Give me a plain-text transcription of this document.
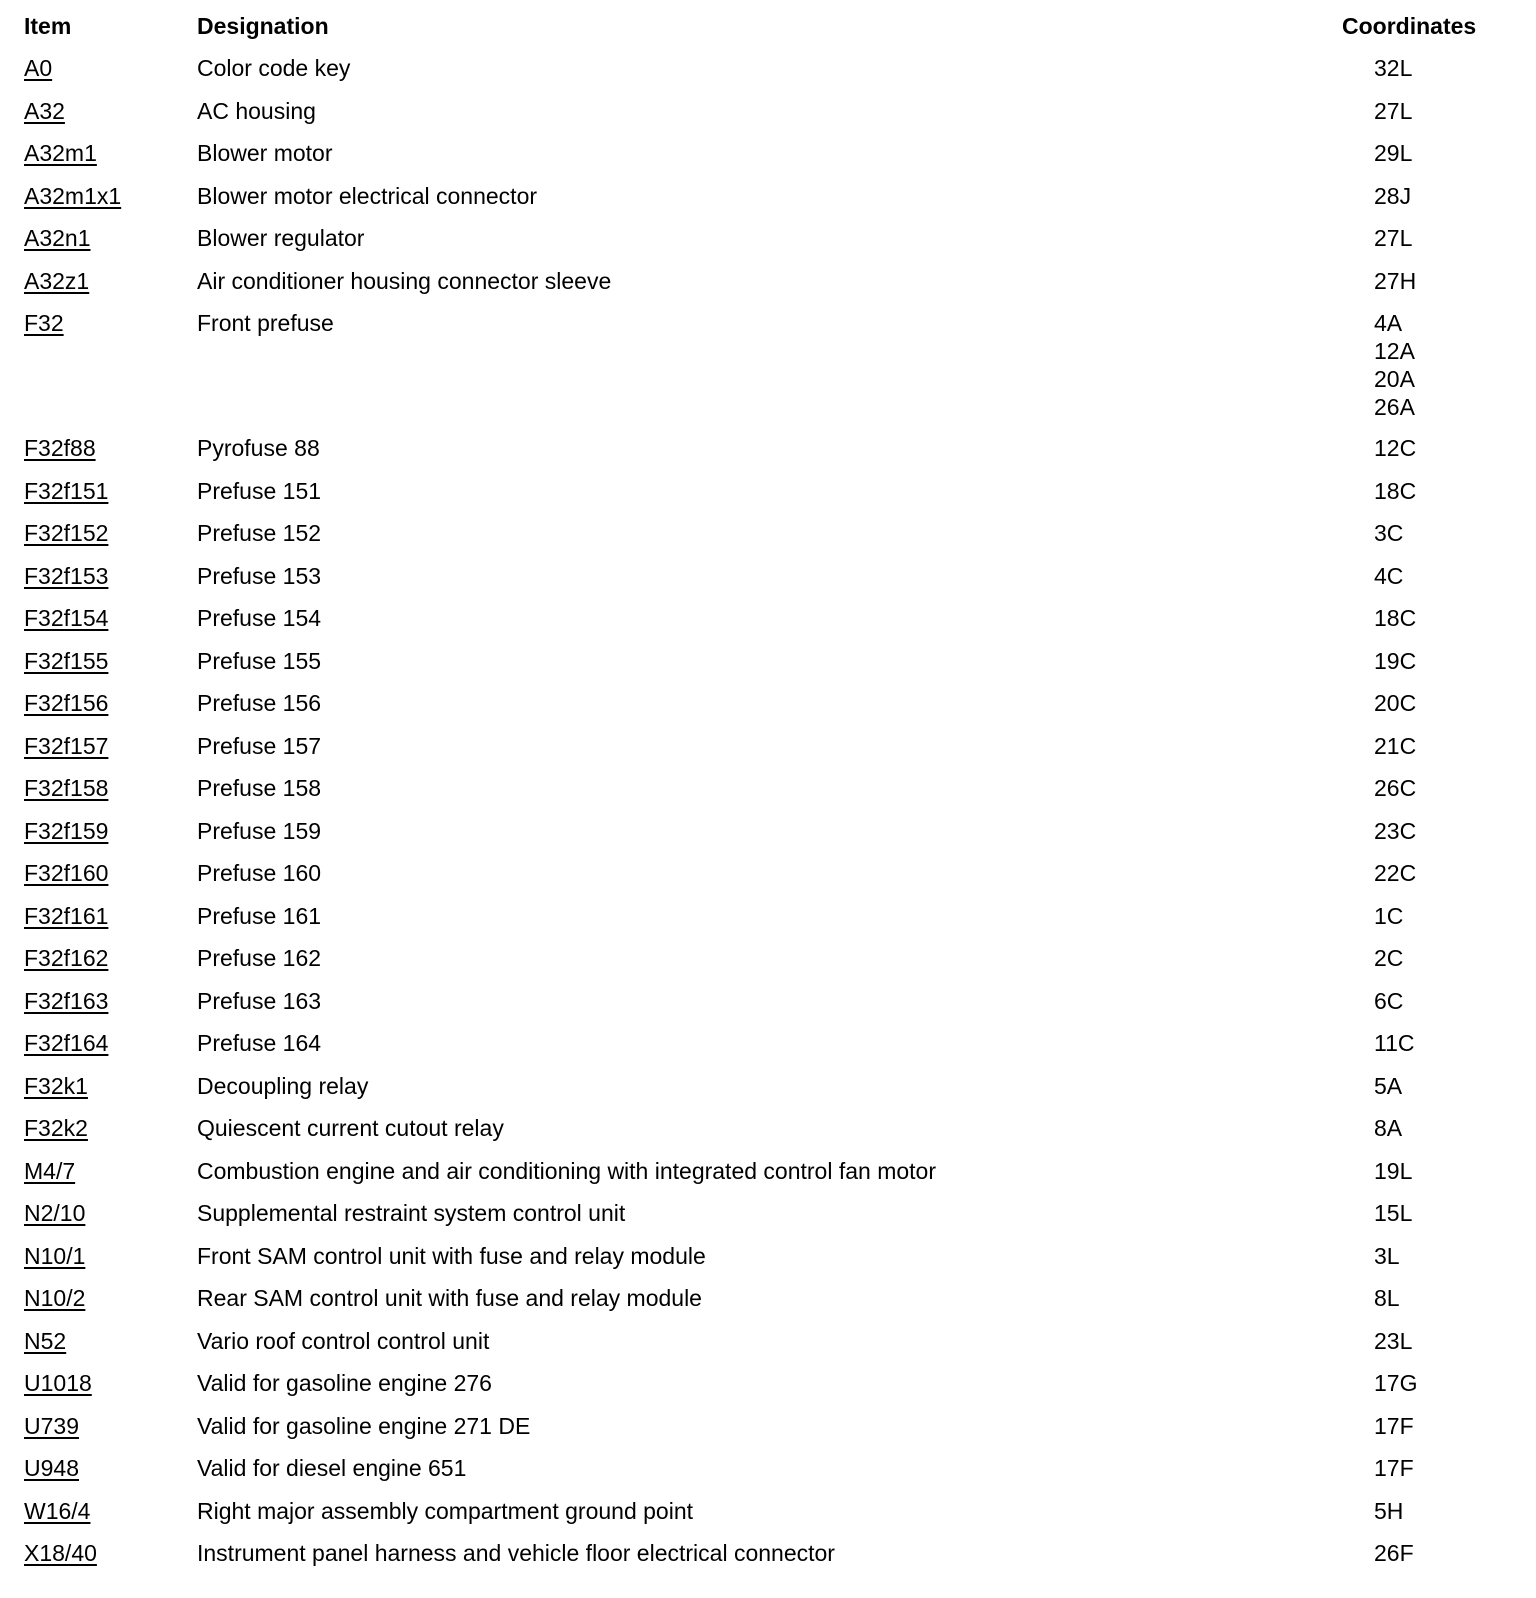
Item	Designation	Coordinates
A0	Color code key	32L
A32	AC housing	27L
A32m1	Blower motor	29L
A32m1x1	Blower motor electrical connector	28J
A32n1	Blower regulator	27L
A32z1	Air conditioner housing connector sleeve	27H
F32	Front prefuse	4A
12A
20A
26A
F32f88	Pyrofuse 88	12C
F32f151	Prefuse 151	18C
F32f152	Prefuse 152	3C
F32f153	Prefuse 153	4C
F32f154	Prefuse 154	18C
F32f155	Prefuse 155	19C
F32f156	Prefuse 156	20C
F32f157	Prefuse 157	21C
F32f158	Prefuse 158	26C
F32f159	Prefuse 159	23C
F32f160	Prefuse 160	22C
F32f161	Prefuse 161	1C
F32f162	Prefuse 162	2C
F32f163	Prefuse 163	6C
F32f164	Prefuse 164	11C
F32k1	Decoupling relay	5A
F32k2	Quiescent current cutout relay	8A
M4/7	Combustion engine and air conditioning with integrated control fan motor	19L
N2/10	Supplemental restraint system control unit	15L
N10/1	Front SAM control unit with fuse and relay module	3L
N10/2	Rear SAM control unit with fuse and relay module	8L
N52	Vario roof control control unit	23L
U1018	Valid for gasoline engine 276	17G
U739	Valid for gasoline engine 271 DE	17F
U948	Valid for diesel engine 651	17F
W16/4	Right major assembly compartment ground point	5H
X18/40	Instrument panel harness and vehicle floor electrical connector	26F
